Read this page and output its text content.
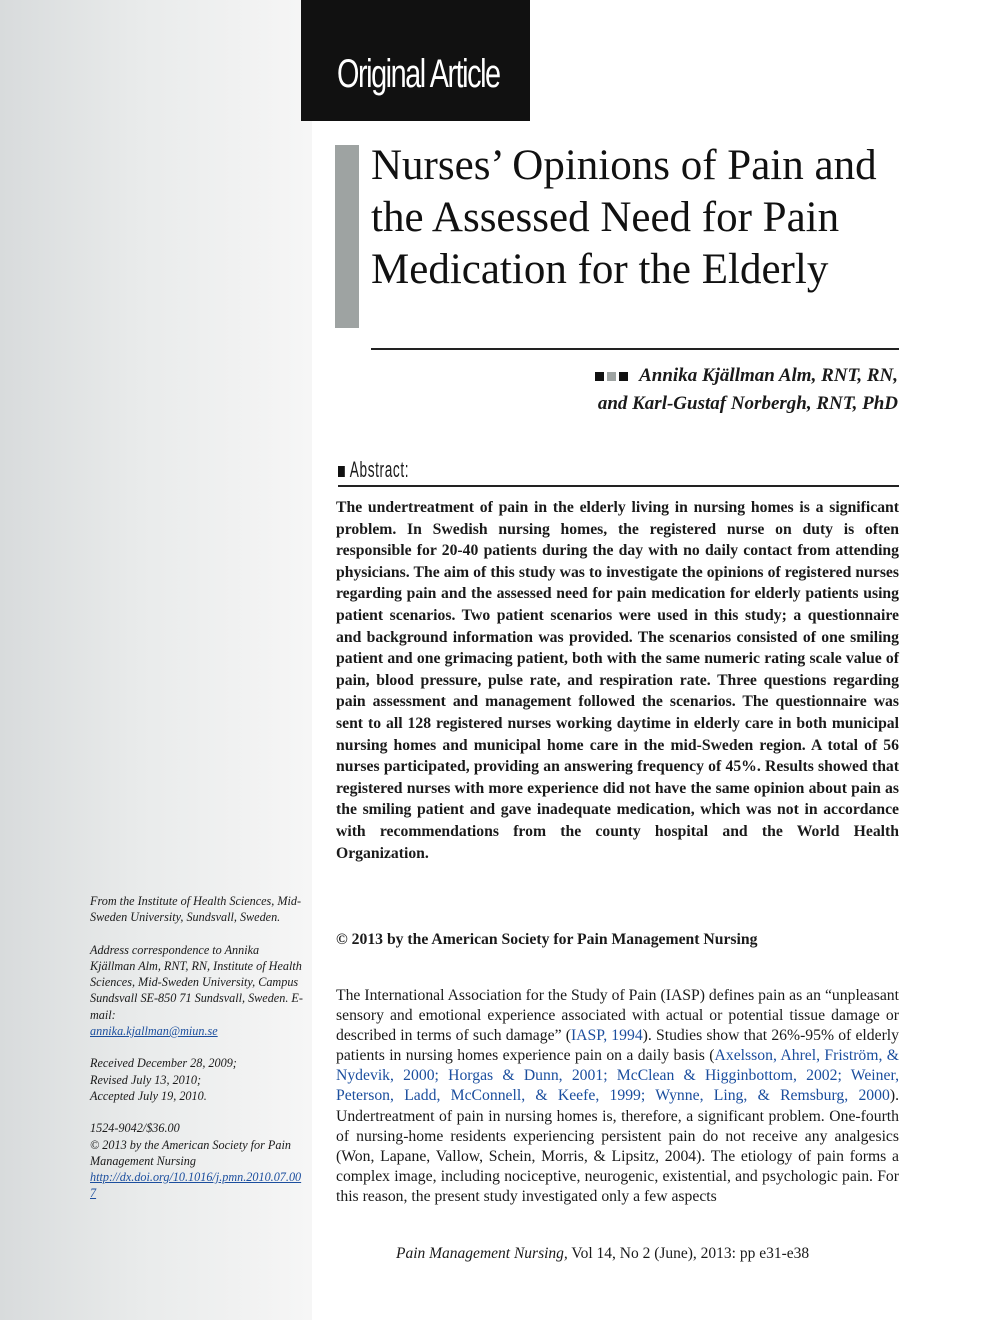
Original Article
Nurses’ Opinions of Pain and the Assessed Need for Pain Medication for the Elderly
Annika Kjällman Alm, RNT, RN,
and Karl-Gustaf Norbergh, RNT, PhD
Abstract:

The undertreatment of pain in the elderly living in nursing homes is a significant problem. In Swedish nursing homes, the registered nurse on duty is often responsible for 20-40 patients during the day with no daily contact from attending physicians. The aim of this study was to investigate the opinions of registered nurses regarding pain and the assessed need for pain medication for elderly patients using patient scenarios. Two patient scenarios were used in this study; a questionnaire and background information was provided. The scenarios consisted of one smiling patient and one grimacing patient, both with the same numeric rating scale value of pain, blood pressure, pulse rate, and respiration rate. Three questions regarding pain assessment and management followed the scenarios. The questionnaire was sent to all 128 registered nurses working daytime in elderly care in both municipal nursing homes and municipal home care in the mid-Sweden region. A total of 56 nurses participated, providing an answering frequency of 45%. Results showed that registered nurses with more experience did not have the same opinion about pain as the smiling patient and gave inadequate medication, which was not in accordance with recommendations from the county hospital and the World Health Organization.

© 2013 by the American Society for Pain Management Nursing

The International Association for the Study of Pain (IASP) defines pain as an “unpleasant sensory and emotional experience associated with actual or potential tissue damage or described in terms of such damage” (IASP, 1994). Studies show that 26%-95% of elderly patients in nursing homes experience pain on a daily basis (Axelsson, Ahrel, Friström, & Nydevik, 2000; Horgas & Dunn, 2001; McClean & Higginbottom, 2002; Weiner, Peterson, Ladd, McConnell, & Keefe, 1999; Wynne, Ling, & Remsburg, 2000). Undertreatment of pain in nursing homes is, therefore, a significant problem. One-fourth of nursing-home residents experiencing persistent pain do not receive any analgesics (Won, Lapane, Vallow, Schein, Morris, & Lipsitz, 2004). The etiology of pain forms a complex image, including nociceptive, neurogenic, existential, and psychologic pain. For this reason, the present study investigated only a few aspects

Pain Management Nursing, Vol 14, No 2 (June), 2013: pp e31-e38

From the Institute of Health Sciences, Mid-Sweden University, Sundsvall, Sweden.

Address correspondence to Annika Kjällman Alm, RNT, RN, Institute of Health Sciences, Mid-Sweden University, Campus Sundsvall SE-850 71 Sundsvall, Sweden. E-mail:
annika.kjallman@miun.se

Received December 28, 2009;
Revised July 13, 2010;
Accepted July 19, 2010.

1524-9042/$36.00
© 2013 by the American Society for Pain Management Nursing
http://dx.doi.org/10.1016/j.pmn.2010.07.007
